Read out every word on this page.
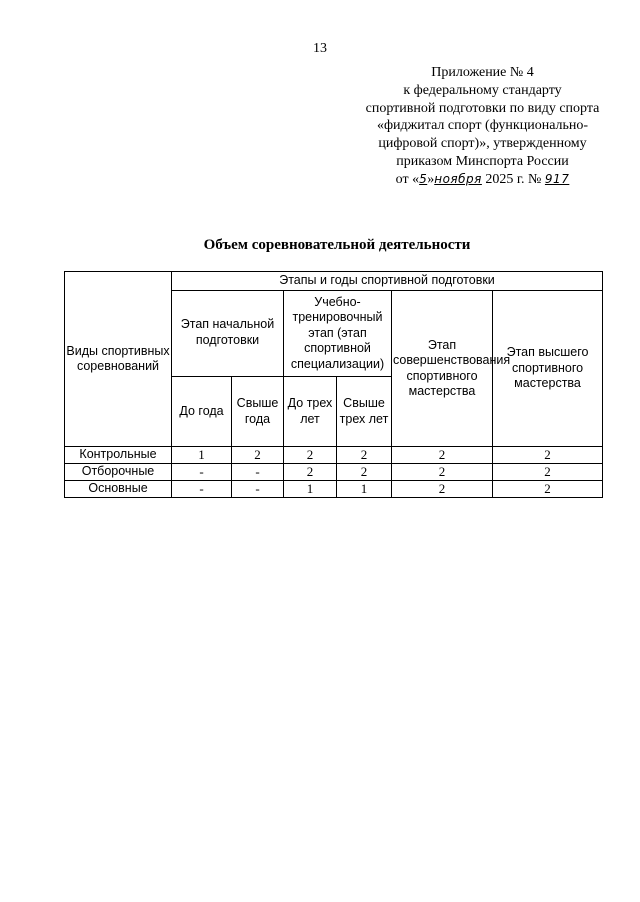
13
Приложение № 4
к федеральному стандарту
спортивной подготовки по виду спорта
«фиджитал спорт (функционально-
цифровой спорт)», утвержденному
приказом Минспорта России
от «5»ноября 2025 г. № 917
Объем соревновательной деятельности
Виды спортивных соревнований	Этапы и годы спортивной подготовки					
	Этап начальной подготовки		Учебно-тренировочный этап (этап спортивной специализации)		Этап совершенствования спортивного мастерства	Этап высшего спортивного мастерства
	До года	Свыше года	До трех лет	Свыше трех лет		
Контрольные	1	2	2	2	2	2
Отборочные	-	-	2	2	2	2
Основные	-	-	1	1	2	2
